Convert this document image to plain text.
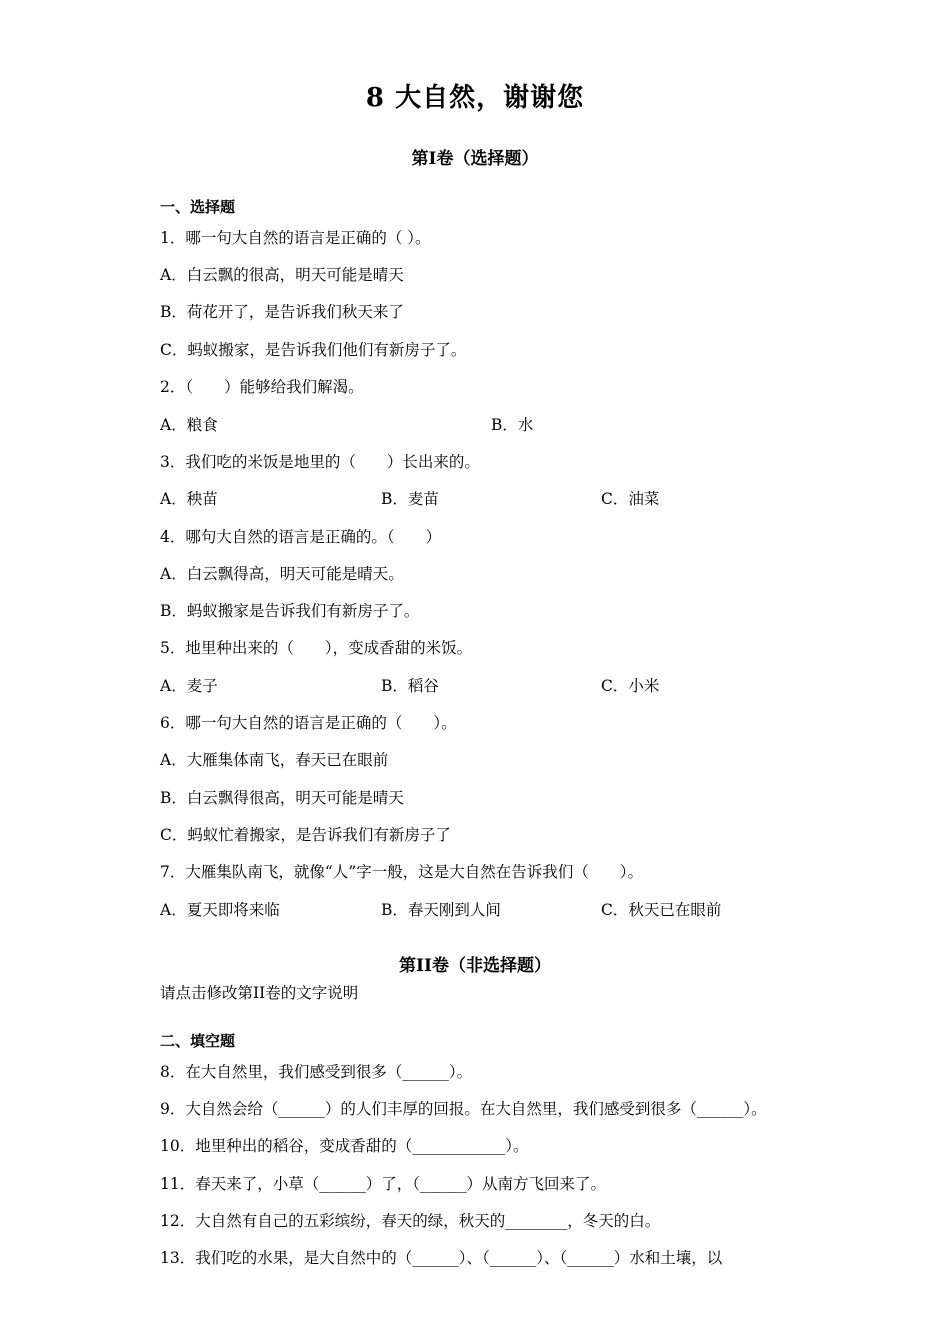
8 大自然，谢谢您
第I卷（选择题）
一、选择题
1．哪一句大自然的语言是正确的（ ）。
A．白云飘的很高，明天可能是晴天
B．荷花开了，是告诉我们秋天来了
C．蚂蚁搬家，是告诉我们他们有新房子了。
2．（　　）能够给我们解渴。
A．粮食	B．水
3．我们吃的米饭是地里的（　　）长出来的。
A．秧苗	B．麦苗	C．油菜
4．哪句大自然的语言是正确的。（　　）
A．白云飘得高，明天可能是晴天。
B．蚂蚁搬家是告诉我们有新房子了。
5．地里种出来的（　　），变成香甜的米饭。
A．麦子	B．稻谷	C．小米
6．哪一句大自然的语言是正确的（　　）。
A．大雁集体南飞，春天已在眼前
B．白云飘得很高，明天可能是晴天
C．蚂蚁忙着搬家，是告诉我们有新房子了
7．大雁集队南飞，就像“人”字一般，这是大自然在告诉我们（　　）。
A．夏天即将来临	B．春天刚到人间	C．秋天已在眼前
第II卷（非选择题）
请点击修改第II卷的文字说明
二、填空题
8．在大自然里，我们感受到很多（______）。
9．大自然会给（______）的人们丰厚的回报。在大自然里，我们感受到很多（______）。
10．地里种出的稻谷，变成香甜的（____________）。
11．春天来了，小草（______）了，（______）从南方飞回来了。
12．大自然有自己的五彩缤纷，春天的绿，秋天的________，冬天的白。
13．我们吃的水果，是大自然中的（______）、（______）、（______）水和土壤，以
